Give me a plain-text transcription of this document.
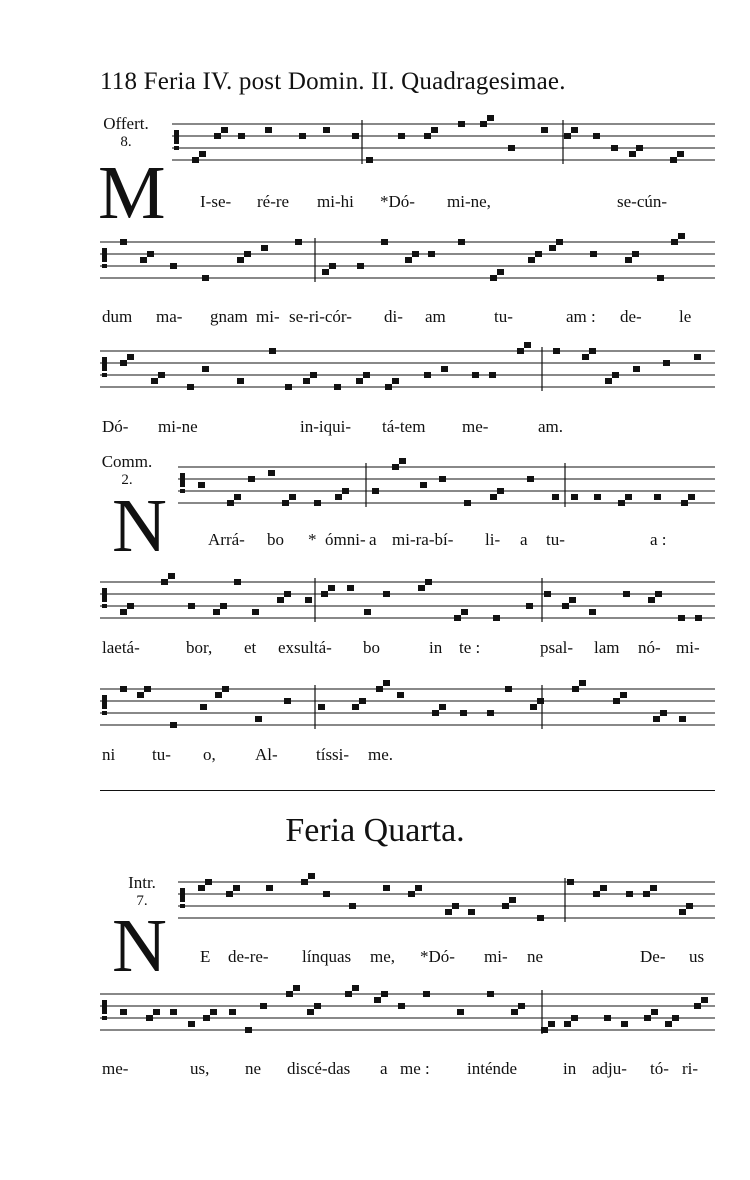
118 Feria IV. post Domin. II. Quadragesimae.
Offert.
8.
M I-se- ré-re mi-hi *Dó- mi-ne,	se-cún-
dum ma- gnam mi- se-ri-cór- di- am	tu-	am : de- le
Dó- mi-ne	in-iqui- tá-tem me-	am.
Comm.
2.
N Arrá- bo * ómni- a mi-ra-bí- li- a tu-	a :
laetá-	bor, et exsultá- bo	in te :	psal- lam nó- mi-
ni tu- o, Al- tíssi- me.
Feria Quarta.
Intr.
7.
N E de-re- línquas me, *Dó- mi- ne	De- us
me-	us, ne discé-das a me : inténde	in adju- tó- ri-
